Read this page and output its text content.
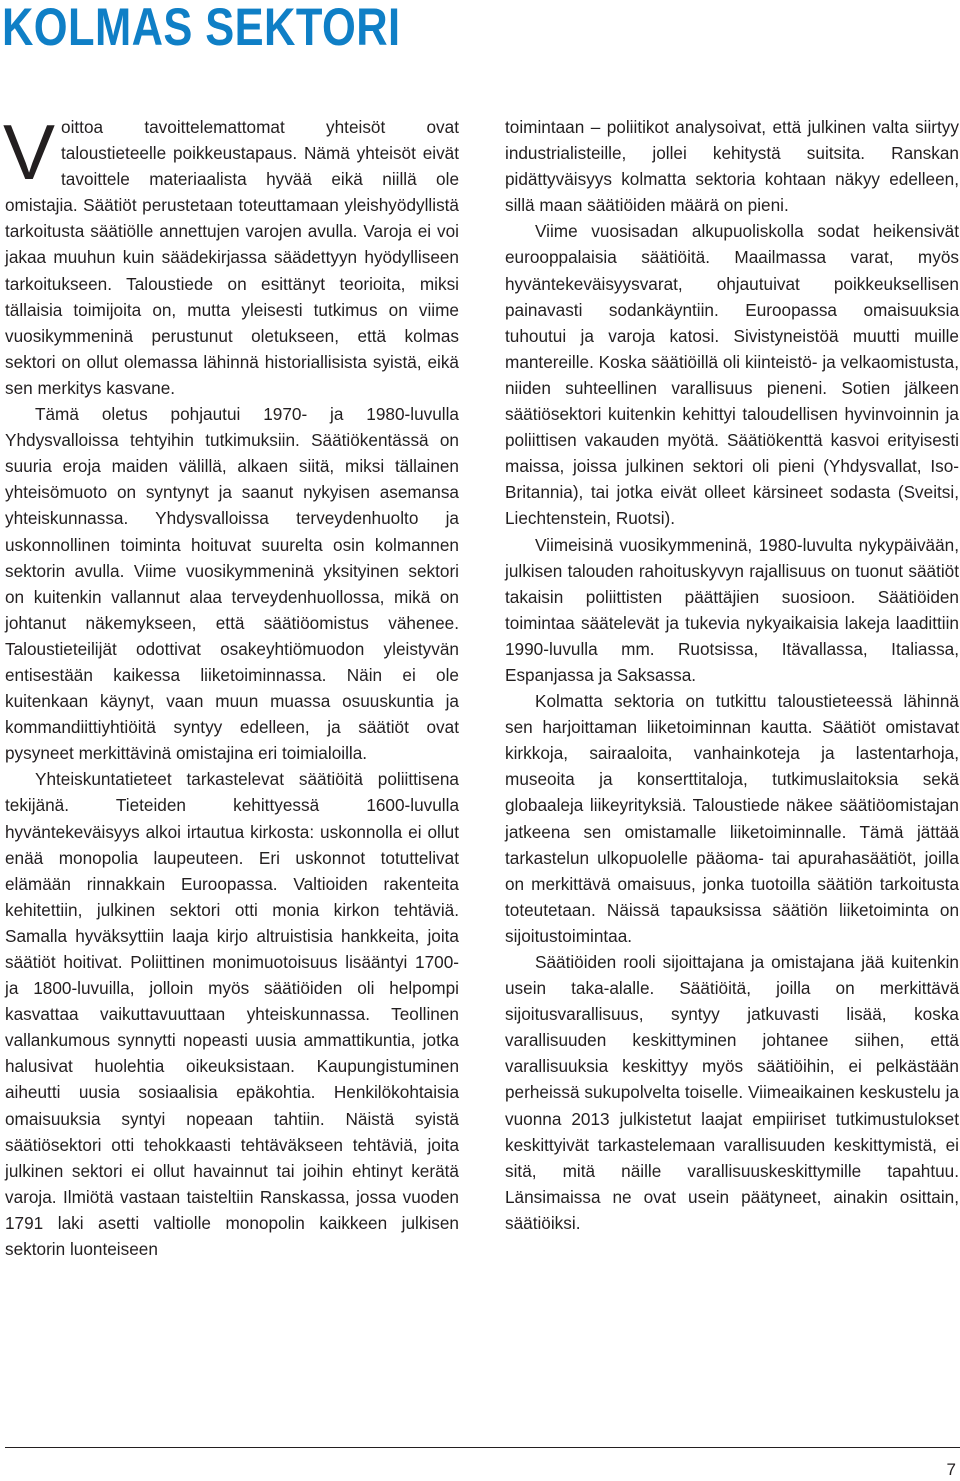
KOLMAS SEKTORI

Voittoa tavoittelemattomat yhteisöt ovat taloustieteelle poikkeustapaus. Nämä yhteisöt eivät tavoittele materiaalista hyvää eikä niillä ole omistajia. Säätiöt perustetaan toteuttamaan yleishyödyllistä tarkoitusta säätiölle annettujen varojen avulla. Varoja ei voi jakaa muuhun kuin säädekirjassa säädettyyn hyödylliseen tarkoitukseen. Taloustiede on esittänyt teorioita, miksi tällaisia toimijoita on, mutta yleisesti tutkimus on viime vuosikymmeninä perustunut oletukseen, että kolmas sektori on ollut olemassa lähinnä historiallisista syistä, eikä sen merkitys kasvane.

Tämä oletus pohjautui 1970- ja 1980-luvulla Yhdysvalloissa tehtyihin tutkimuksiin. Säätiökentässä on suuria eroja maiden välillä, alkaen siitä, miksi tällainen yhteisömuoto on syntynyt ja saanut nykyisen asemansa yhteiskunnassa. Yhdysvalloissa terveydenhuolto ja uskonnollinen toiminta hoituvat suurelta osin kolmannen sektorin avulla. Viime vuosikymmeninä yksityinen sektori on kuitenkin vallannut alaa terveydenhuollossa, mikä on johtanut näkemykseen, että säätiöomistus vähenee. Taloustieteilijät odottivat osakeyhtiömuodon yleistyvän entisestään kaikessa liiketoiminnassa. Näin ei ole kuitenkaan käynyt, vaan muun muassa osuuskuntia ja kommandiittiyhtiöitä syntyy edelleen, ja säätiöt ovat pysyneet merkittävinä omistajina eri toimialoilla.

Yhteiskuntatieteet tarkastelevat säätiöitä poliittisena tekijänä. Tieteiden kehittyessä 1600-luvulla hyväntekeväisyys alkoi irtautua kirkosta: uskonnolla ei ollut enää monopolia laupeuteen. Eri uskonnot totuttelivat elämään rinnakkain Euroopassa. Valtioiden rakenteita kehitettiin, julkinen sektori otti monia kirkon tehtäviä. Samalla hyväksyttiin laaja kirjo altruistisia hankkeita, joita säätiöt hoitivat. Poliittinen monimuotoisuus lisääntyi 1700- ja 1800-luvuilla, jolloin myös säätiöiden oli helpompi kasvattaa vaikuttavuuttaan yhteiskunnassa. Teollinen vallankumous synnytti nopeasti uusia ammattikuntia, jotka halusivat huolehtia oikeuksistaan. Kaupungistuminen aiheutti uusia sosiaalisia epäkohtia. Henkilökohtaisia omaisuuksia syntyi nopeaan tahtiin. Näistä syistä säätiösektori otti tehokkaasti tehtäväkseen tehtäviä, joita julkinen sektori ei ollut havainnut tai joihin ehtinyt kerätä varoja. Ilmiötä vastaan taisteltiin Ranskassa, jossa vuoden 1791 laki asetti valtiolle monopolin kaikkeen julkisen sektorin luonteiseen

toimintaan – poliitikot analysoivat, että julkinen valta siirtyy industrialisteille, jollei kehitystä suitsita. Ranskan pidättyväisyys kolmatta sektoria kohtaan näkyy edelleen, sillä maan säätiöiden määrä on pieni.

Viime vuosisadan alkupuoliskolla sodat heikensivät eurooppalaisia säätiöitä. Maailmassa varat, myös hyväntekeväisyysvarat, ohjautuivat poikkeuksellisen painavasti sodankäyntiin. Euroopassa omaisuuksia tuhoutui ja varoja katosi. Sivistyneistöä muutti muille mantereille. Koska säätiöillä oli kiinteistö- ja velkaomistusta, niiden suhteellinen varallisuus pieneni. Sotien jälkeen säätiösektori kuitenkin kehittyi taloudellisen hyvinvoinnin ja poliittisen vakauden myötä. Säätiökenttä kasvoi erityisesti maissa, joissa julkinen sektori oli pieni (Yhdysvallat, Iso-Britannia), tai jotka eivät olleet kärsineet sodasta (Sveitsi, Liechtenstein, Ruotsi).

Viimeisinä vuosikymmeninä, 1980-luvulta nykypäivään, julkisen talouden rahoituskyvyn rajallisuus on tuonut säätiöt takaisin poliittisten päättäjien suosioon. Säätiöiden toimintaa säätelevät ja tukevia nykyaikaisia lakeja laadittiin 1990-luvulla mm. Ruotsissa, Itävallassa, Italiassa, Espanjassa ja Saksassa.

Kolmatta sektoria on tutkittu taloustieteessä lähinnä sen harjoittaman liiketoiminnan kautta. Säätiöt omistavat kirkkoja, sairaaloita, vanhainkoteja ja lastentarhoja, museoita ja konserttitaloja, tutkimuslaitoksia sekä globaaleja liikeyrityksiä. Taloustiede näkee säätiöomistajan jatkeena sen omistamalle liiketoiminnalle. Tämä jättää tarkastelun ulkopuolelle pääoma- tai apurahasäätiöt, joilla on merkittävä omaisuus, jonka tuotoilla säätiön tarkoitusta toteutetaan. Näissä tapauksissa säätiön liiketoiminta on sijoitustoimintaa.

Säätiöiden rooli sijoittajana ja omistajana jää kuitenkin usein taka-alalle. Säätiöitä, joilla on merkittävä sijoitusvarallisuus, syntyy jatkuvasti lisää, koska varallisuuden keskittyminen johtanee siihen, että varallisuuksia keskittyy myös säätiöihin, ei pelkästään perheissä sukupolvelta toiselle. Viimeaikainen keskustelu ja vuonna 2013 julkistetut laajat empiiriset tutkimustulokset keskittyivät tarkastelemaan varallisuuden keskittymistä, ei sitä, mitä näille varallisuuskeskittymille tapahtuu. Länsimaissa ne ovat usein päätyneet, ainakin osittain, säätiöiksi.

7
